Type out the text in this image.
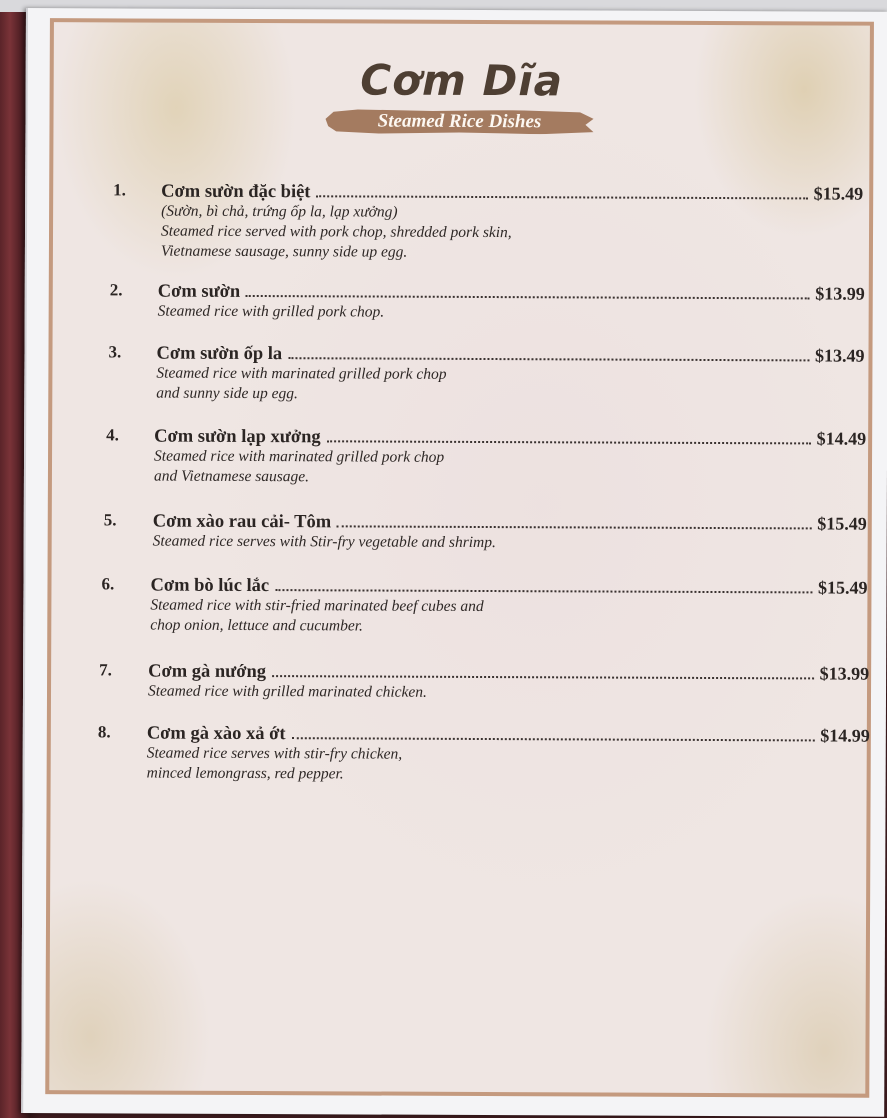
Cơm Dĩa
Steamed Rice Dishes
1. Cơm sườn đặc biệt	$15.49
(Sườn, bì chả, trứng ốp la, lạp xưởng)
Steamed rice served with pork chop, shredded pork skin,
Vietnamese sausage, sunny side up egg.
2. Cơm sườn	$13.99
Steamed rice with grilled pork chop.
3. Cơm sườn ốp la	$13.49
Steamed rice with marinated grilled pork chop
and sunny side up egg.
4. Cơm sườn lạp xưởng	$14.49
Steamed rice with marinated grilled pork chop
and Vietnamese sausage.
5. Cơm xào rau cải- Tôm	$15.49
Steamed rice serves with Stir-fry vegetable and shrimp.
6. Cơm bò lúc lắc	$15.49
Steamed rice with stir-fried marinated beef cubes and
chop onion, lettuce and cucumber.
7. Cơm gà nướng	$13.99
Steamed rice with grilled marinated chicken.
8. Cơm gà xào xả ớt	$14.99
Steamed rice serves with stir-fry chicken,
minced lemongrass, red pepper.
